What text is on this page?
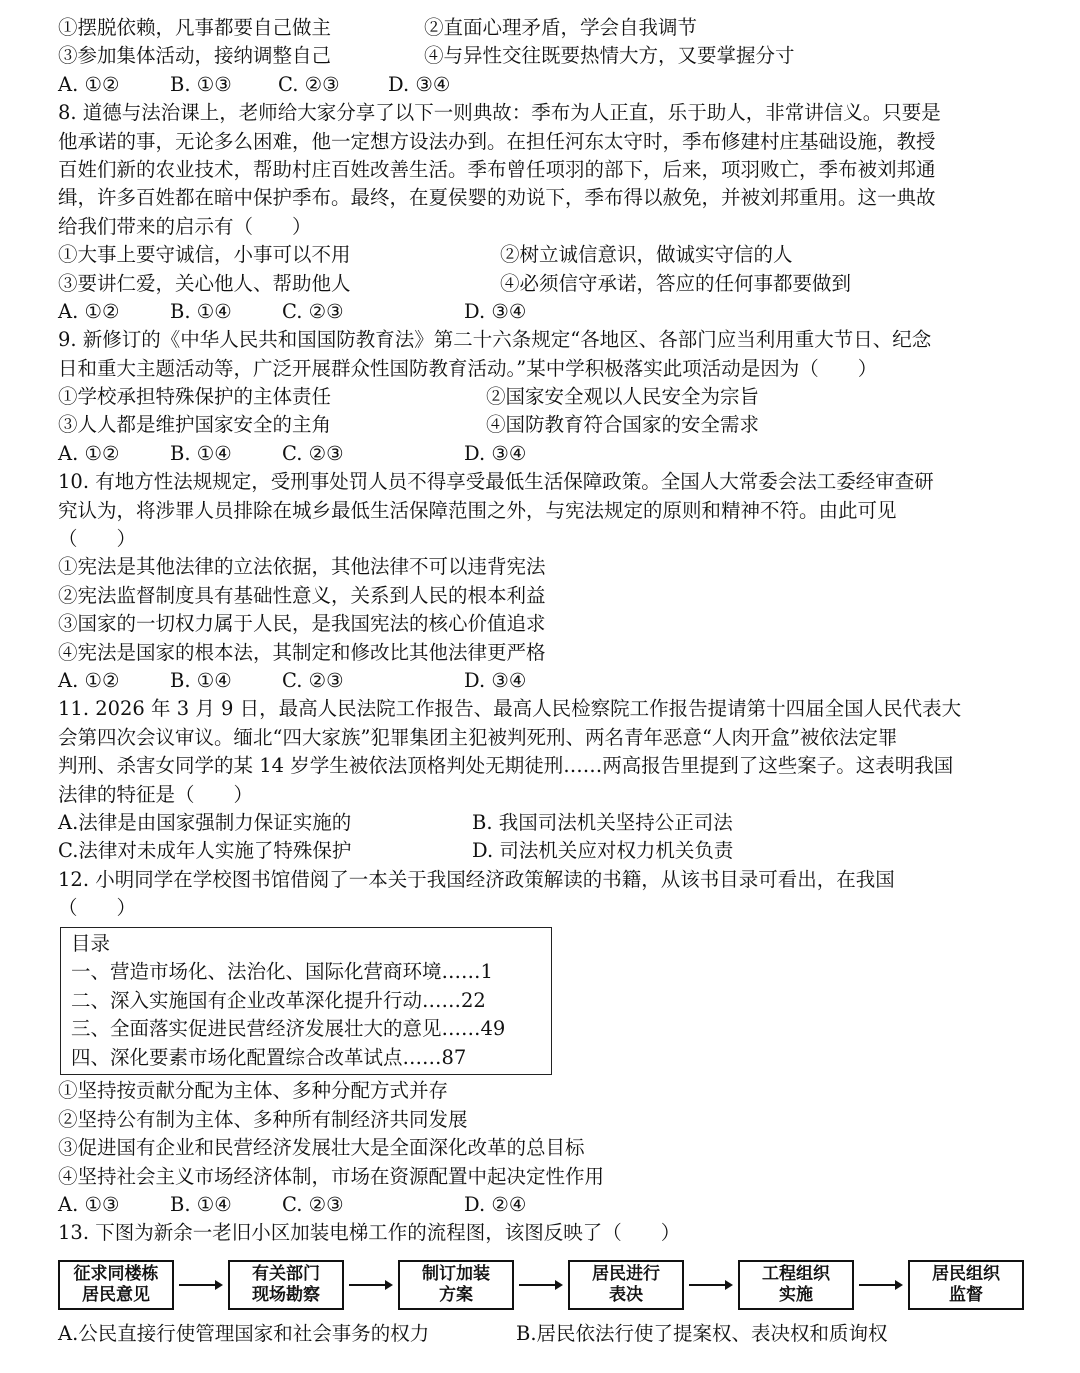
①摆脱依赖，凡事都要自己做主	②直面心理矛盾，学会自我调节
③参加集体活动，接纳调整自己	④与异性交往既要热情大方，又要掌握分寸
A. ①②	B. ①③	C. ②③	D. ③④
8. 道德与法治课上，老师给大家分享了以下一则典故：季布为人正直，乐于助人，非常讲信义。只要是
他承诺的事，无论多么困难，他一定想方设法办到。在担任河东太守时，季布修建村庄基础设施，教授
百姓们新的农业技术，帮助村庄百姓改善生活。季布曾任项羽的部下，后来，项羽败亡，季布被刘邦通
缉，许多百姓都在暗中保护季布。最终，在夏侯婴的劝说下，季布得以赦免，并被刘邦重用。这一典故
给我们带来的启示有（　　）
①大事上要守诚信，小事可以不用	②树立诚信意识，做诚实守信的人
③要讲仁爱，关心他人、帮助他人	④必须信守承诺，答应的任何事都要做到
A. ①②	B. ①④	C. ②③	D. ③④
9. 新修订的《中华人民共和国国防教育法》第二十六条规定“各地区、各部门应当利用重大节日、纪念
日和重大主题活动等，广泛开展群众性国防教育活动。”某中学积极落实此项活动是因为（　　）
①学校承担特殊保护的主体责任	②国家安全观以人民安全为宗旨
③人人都是维护国家安全的主角	④国防教育符合国家的安全需求
A. ①②	B. ①④	C. ②③	D. ③④
10. 有地方性法规规定，受刑事处罚人员不得享受最低生活保障政策。全国人大常委会法工委经审查研
究认为，将涉罪人员排除在城乡最低生活保障范围之外，与宪法规定的原则和精神不符。由此可见
（　　）
①宪法是其他法律的立法依据，其他法律不可以违背宪法
②宪法监督制度具有基础性意义，关系到人民的根本利益
③国家的一切权力属于人民，是我国宪法的核心价值追求
④宪法是国家的根本法，其制定和修改比其他法律更严格
A. ①②	B. ①④	C. ②③	D. ③④
11. 2026 年 3 月 9 日，最高人民法院工作报告、最高人民检察院工作报告提请第十四届全国人民代表大
会第四次会议审议。缅北“四大家族”犯罪集团主犯被判死刑、两名青年恶意“人肉开盒”被依法定罪
判刑、杀害女同学的某 14 岁学生被依法顶格判处无期徒刑……两高报告里提到了这些案子。这表明我国
法律的特征是（　　）
A.法律是由国家强制力保证实施的	B. 我国司法机关坚持公正司法
C.法律对未成年人实施了特殊保护	D. 司法机关应对权力机关负责
12. 小明同学在学校图书馆借阅了一本关于我国经济政策解读的书籍，从该书目录可看出，在我国
（　　）
目录
一、营造市场化、法治化、国际化营商环境……1
二、深入实施国有企业改革深化提升行动……22
三、全面落实促进民营经济发展壮大的意见……49
四、深化要素市场化配置综合改革试点……87
①坚持按贡献分配为主体、多种分配方式并存
②坚持公有制为主体、多种所有制经济共同发展
③促进国有企业和民营经济发展壮大是全面深化改革的总目标
④坚持社会主义市场经济体制，市场在资源配置中起决定性作用
A. ①③	B. ①④	C. ②③	D. ②④
13. 下图为新余一老旧小区加装电梯工作的流程图，该图反映了（　　）
征求同楼栋
居民意见
有关部门
现场勘察
制订加装
方案
居民进行
表决
工程组织
实施
居民组织
监督
A.公民直接行使管理国家和社会事务的权力	B.居民依法行使了提案权、表决权和质询权
